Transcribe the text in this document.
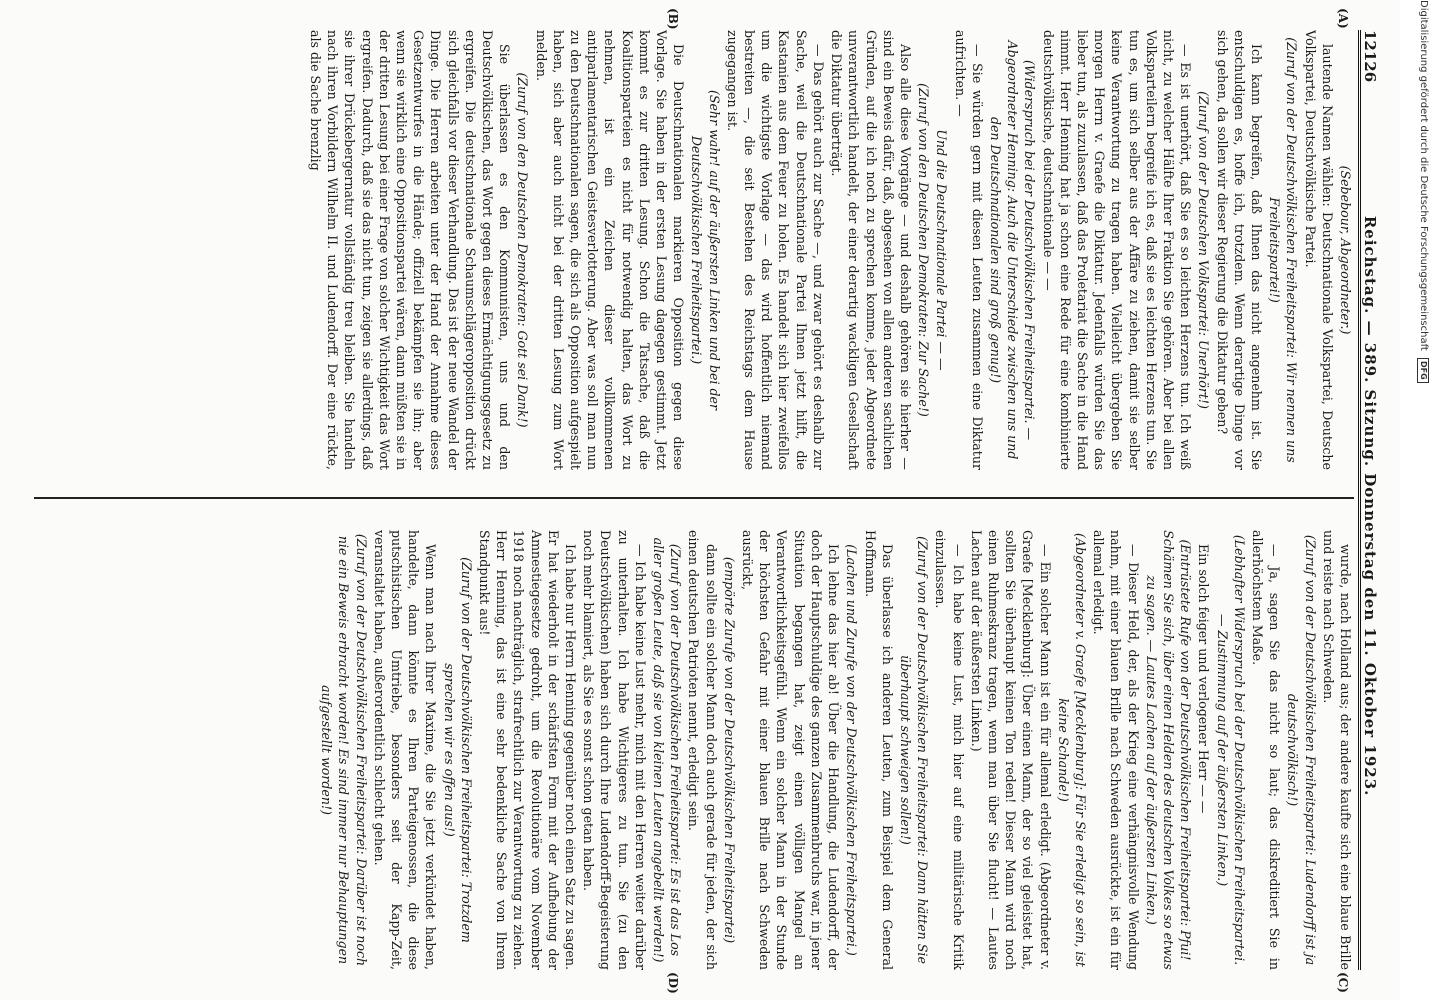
12126
Reichstag. — 389. Sitzung. Donnerstag den 11. Oktober 1923.
(A)
(B)
(C)
(D)

(Sebebour, Abgeordneter.)

lautende Namen wählen: Deutschnationale Volkspartei, Deutsche Volkspartei, Deutschvölkische Partei.

(Zuruf von der Deutschvölkischen Freiheitspartei: Wir nennen uns Freiheitspartei!)

Ich kann begreifen, daß Ihnen das nicht angenehm ist. Sie entschuldigen es, hoffe ich, trotzdem. Wenn derartige Dinge vor sich gehen, da sollen wir dieser Regierung die Diktatur geben?

(Zuruf von der Deutschen Volkspartei: Unerhört!)

— Es ist unerhört, daß Sie es so leichten Herzens tun. Ich weiß nicht, zu welcher Hälfte Ihrer Fraktion Sie gehören. Aber bei allen Volksparteilern begreife ich es, daß sie es leichten Herzens tun. Sie tun es, um sich selber aus der Affäre zu ziehen, damit sie selber keine Verantwortung zu tragen haben. Vielleicht übergeben Sie morgen Herrn v. Graefe die Diktatur. Jedenfalls würden Sie das lieber tun, als zuzulassen, daß das Proletariat die Sache in die Hand nimmt. Herr Henning hat ja schon eine Rede für eine kombinierte deutschvölkische, deutschnationale — —

(Widerspruch bei der Deutschvölkischen Freiheitspartei. — Abgeordneter Henning: Auch die Unterschiede zwischen uns und den Deutschnationalen sind groß genug!)

— Sie würden gern mit diesen Leuten zusammen eine Diktatur aufrichten. —

Und die Deutschnationale Partei — —

(Zuruf von den Deutschen Demokraten: Zur Sache!)

Also alle diese Vorgänge — und deshalb gehören sie hierher — sind ein Beweis dafür, daß, abgesehen von allen anderen sachlichen Gründen, auf die ich noch zu sprechen komme, jeder Abgeordnete unverantwortlich handelt, der einer derartig wackligen Gesellschaft die Diktatur überträgt.

— Das gehört auch zur Sache —, und zwar gehört es deshalb zur Sache, weil die Deutschnationale Partei Ihnen jetzt hilft, die Kastanien aus dem Feuer zu holen. Es handelt sich hier zweifellos um die wichtigste Vorlage — das wird hoffentlich niemand bestreiten —, die seit Bestehen des Reichstags dem Hause zugegangen ist.

(Sehr wahr! auf der äußersten Linken und bei der Deutschvölkischen Freiheitspartei.)

Die Deutschnationalen markieren Opposition gegen diese Vorlage. Sie haben in der ersten Lesung dagegen gestimmt. Jetzt kommt es zur dritten Lesung. Schon die Tatsache, daß die Koalitionsparteien es nicht für notwendig halten, das Wort zu nehmen, ist ein Zeichen dieser vollkommenen antiparlamentarischen Geistesverlotterung. Aber was soll man nun zu den Deutschnationalen sagen, die sich als Opposition aufgespielt haben, sich aber auch nicht bei der dritten Lesung zum Wort melden.

(Zuruf von den Deutschen Demokraten: Gott sei Dank!)

Sie überlassen es den Kommunisten, uns und den Deutschvölkischen, das Wort gegen dieses Ermächtigungsgesetz zu ergreifen. Die deutschnationale Schaumschlägeropposition drückt sich gleichfalls vor dieser Verhandlung. Das ist der neue Wandel der Dinge. Die Herren arbeiten unter der Hand der Annahme dieses Gesetzentwurfes in die Hände; offiziell bekämpfen sie ihn; aber wenn sie wirklich eine Oppositionspartei wären, dann müßten sie in der dritten Lesung bei einer Frage von solcher Wichtigkeit das Wort ergreifen. Dadurch, daß sie das nicht tun, zeigen sie allerdings, daß sie ihrer Drückebergernatur vollständig treu bleiben. Sie handeln nach ihren Vorbildern Wilhelm II. und Ludendorff. Der eine rückte, als die Sache brenzlig

wurde, nach Holland aus; der andere kaufte sich eine blaue Brille und reiste nach Schweden.

(Zuruf von der Deutschvölkischen Freiheitspartei: Ludendorff ist ja deutschvölkisch!)

— Ja, sagen Sie das nicht so laut; das diskreditiert Sie in allerhöchstem Maße.

(Lebhafter Widerspruch bei der Deutschvölkischen Freiheitspartei. — Zustimmung auf der äußersten Linken.)

Ein solch feiger und verlogener Herr — —

(Entrüstete Rufe von der Deutschvölkischen Freiheitspartei: Pfui! Schämen Sie sich, über einen Helden des deutschen Volkes so etwas zu sagen. — Lautes Lachen auf der äußersten Linken.)

— Dieser Held, der, als der Krieg eine verhängnisvolle Wendung nahm, mit einer blauen Brille nach Schweden ausrückte, ist ein für allemal erledigt.

(Abgeordneter v. Graefe [Mecklenburg]: Für Sie erledigt so sein, ist keine Schande!)

— Ein solcher Mann ist ein für allemal erledigt. (Abgeordneter v. Graefe [Mecklenburg]: Über einen Mann, der so viel geleistet hat, sollten Sie überhaupt keinen Ton reden! Dieser Mann wird noch einen Ruhmeskranz tragen, wenn man über Sie flucht! — Lautes Lachen auf der äußersten Linken.)

— Ich habe keine Lust, mich hier auf eine militärische Kritik einzulassen.

(Zuruf von der Deutschvölkischen Freiheitspartei: Dann hätten Sie überhaupt schweigen sollen!)

Das überlasse ich anderen Leuten, zum Beispiel dem General Hoffmann.

(Lachen und Zurufe von der Deutschvölkischen Freiheitspartei.)

Ich lehne das hier ab! Über die Handlung, die Ludendorff, der doch der Hauptschuldige des ganzen Zusammenbruchs war, in jener Situation begangen hat, zeigt einen völligen Mangel an Verantwortlichkeitsgefühl. Wenn ein solcher Mann in der Stunde der höchsten Gefahr mit einer blauen Brille nach Schweden ausrückt,

(empörte Zurufe von der Deutschvölkischen Freiheitspartei)

dann sollte ein solcher Mann doch auch gerade für jeden, der sich einen deutschen Patrioten nennt, erledigt sein.

(Zuruf von der Deutschvölkischen Freiheitspartei: Es ist das Los aller großen Leute, daß sie von kleinen Leuten angebellt werden!)

— Ich habe keine Lust mehr, mich mit den Herren weiter darüber zu unterhalten. Ich habe Wichtigeres zu tun. Sie (zu den Deutschvölkischen) haben sich durch Ihre Ludendorff-Begeisterung noch mehr blamiert, als Sie es sonst schon getan haben.

Ich habe nur Herrn Henning gegenüber noch einen Satz zu sagen. Er hat wiederholt in der schärfsten Form mit der Aufhebung der Amnestiegesetze gedroht, um die Revolutionäre vom November 1918 noch nachträglich, strafrechtlich zur Verantwortung zu ziehen. Herr Henning, das ist eine sehr bedenkliche Sache von Ihrem Standpunkt aus!

(Zuruf von der Deutschvölkischen Freiheitspartei: Trotzdem sprechen wir es offen aus!)

Wenn man nach Ihrer Maxime, die Sie jetzt verkündet haben, handelte, dann könnte es Ihren Parteigenossen, die diese putschistischen Umtriebe, besonders seit der Kapp-Zeit, veranstaltet haben, außerordentlich schlecht gehen.

(Zuruf von der Deutschvölkischen Freiheitspartei: Darüber ist noch nie ein Beweis erbracht worden! Es sind immer nur Behauptungen aufgestellt worden!)

Digitalisierung gefördert durch die Deutsche Forschungsgemeinschaft DFG
